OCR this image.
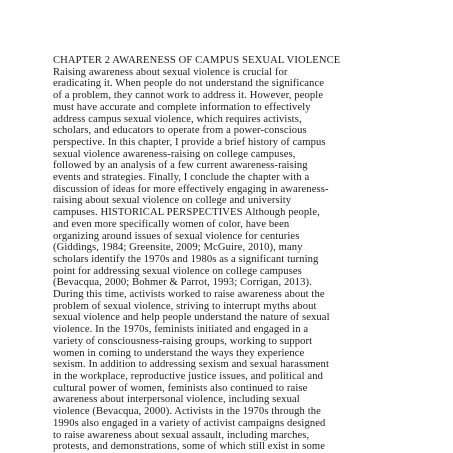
CHAPTER 2 AWARENESS OF CAMPUS SEXUAL VIOLENCE
Raising awareness about sexual violence is crucial for
eradicating it. When people do not understand the significance
of a problem, they cannot work to address it. However, people
must have accurate and complete information to effectively
address campus sexual violence, which requires activists,
scholars, and educators to operate from a power-conscious
perspective. In this chapter, I provide a brief history of campus
sexual violence awareness-raising on college campuses,
followed by an analysis of a few current awareness-raising
events and strategies. Finally, I conclude the chapter with a
discussion of ideas for more effectively engaging in awareness-
raising about sexual violence on college and university
campuses. HISTORICAL PERSPECTIVES Although people,
and even more specifically women of color, have been
organizing around issues of sexual violence for centuries
(Giddings, 1984; Greensite, 2009; McGuire, 2010), many
scholars identify the 1970s and 1980s as a significant turning
point for addressing sexual violence on college campuses
(Bevacqua, 2000; Bohmer & Parrot, 1993; Corrigan, 2013).
During this time, activists worked to raise awareness about the
problem of sexual violence, striving to interrupt myths about
sexual violence and help people understand the nature of sexual
violence. In the 1970s, feminists initiated and engaged in a
variety of consciousness-raising groups, working to support
women in coming to understand the ways they experience
sexism. In addition to addressing sexism and sexual harassment
in the workplace, reproductive justice issues, and political and
cultural power of women, feminists also continued to raise
awareness about interpersonal violence, including sexual
violence (Bevacqua, 2000). Activists in the 1970s through the
1990s also engaged in a variety of activist campaigns designed
to raise awareness about sexual assault, including marches,
protests, and demonstrations, some of which still exist in some
